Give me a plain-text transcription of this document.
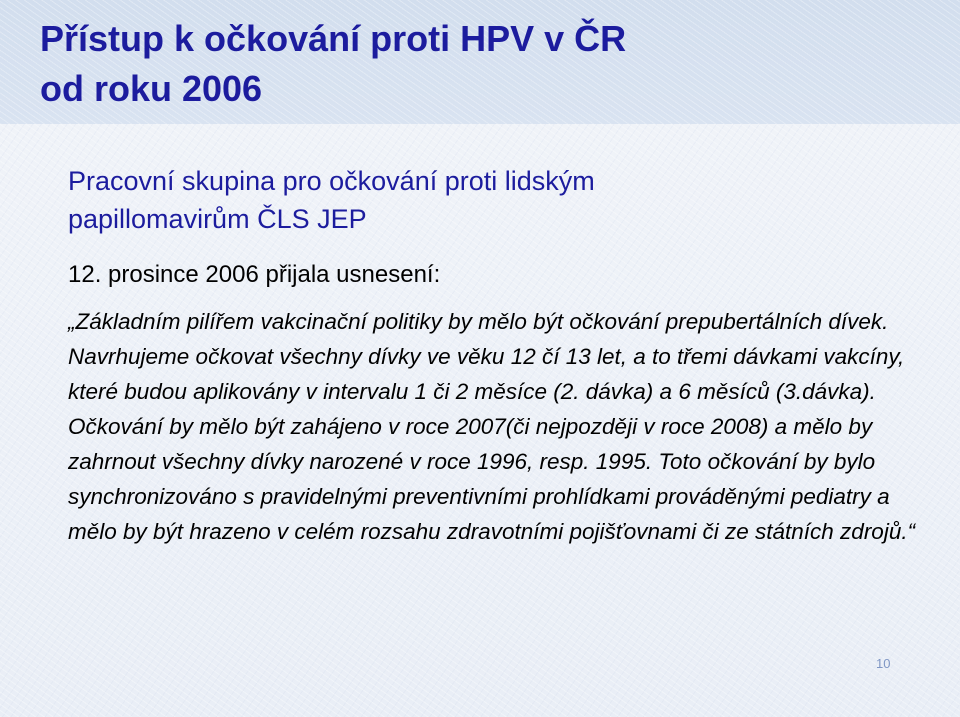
Přístup k očkování proti HPV v ČR
od roku 2006

Pracovní skupina pro očkování proti lidským
papillomavirům ČLS JEP

12. prosince 2006 přijala usnesení:

„Základním pilířem vakcinační politiky by mělo být očkování prepubertálních dívek. Navrhujeme očkovat všechny dívky ve věku 12 čí 13 let, a to třemi dávkami vakcíny, které budou aplikovány v intervalu 1 či 2 měsíce (2. dávka) a 6 měsíců (3.dávka). Očkování by mělo být zahájeno v roce 2007(či nejpozději v roce 2008) a mělo by zahrnout všechny dívky narozené v roce 1996, resp. 1995. Toto očkování by bylo synchronizováno s pravidelnými preventivními prohlídkami prováděnými pediatry a mělo by být hrazeno v celém rozsahu zdravotními pojišťovnami či ze státních zdrojů.“

10
